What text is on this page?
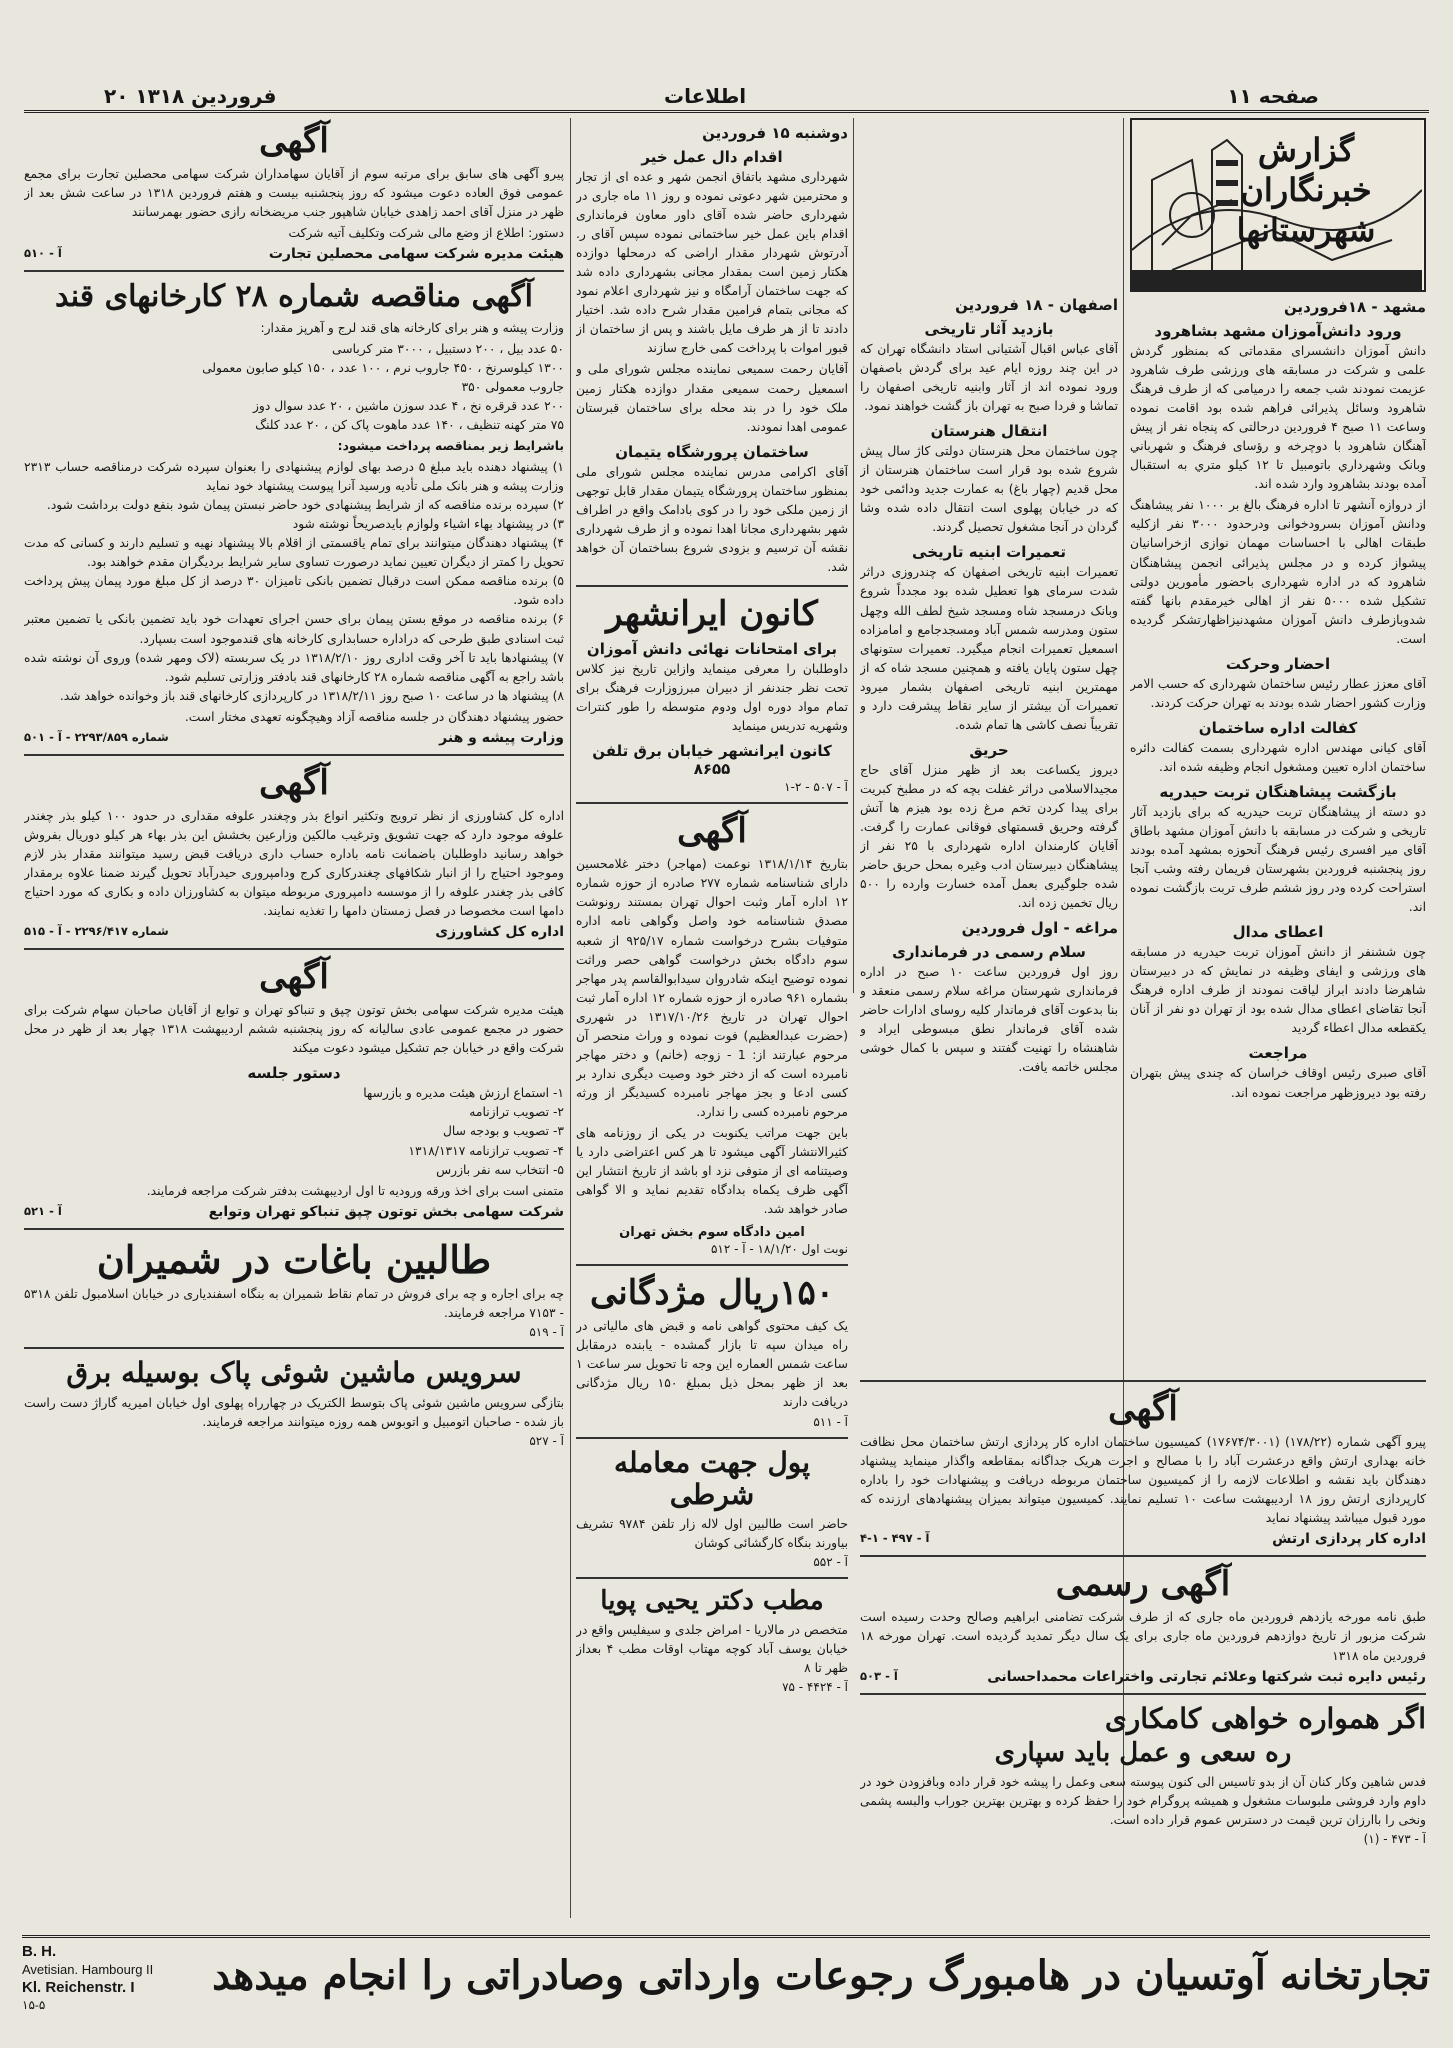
صفحه ۱۱
اطلاعات
۲۰ فروردین ۱۳۱۸
گزارش خبرنگاران شهرستانها
مشهد - ۱۸فروردین
ورود دانش‌آموزان مشهد بشاهرود

دانش آموزان دانشسرای مقدماتی که بمنظور گردش علمی و شرکت در مسابقه های ورزشی طرف شاهرود عزیمت نمودند شب جمعه را درمیامی که از طرف فرهنگ شاهرود وسائل پذیرائی فراهم شده بود اقامت نموده وساعت ۱۱ صبح ۴ فروردین درحالتی که پنجاه نفر از پیش آهنگان شاهرود با دوچرخه و رؤسای فرهنگ و شهرباني وبانک وشهرداري باتومبيل تا ۱۲ کيلو متري به استقبال آمده بودند بشاهرود وارد شده اند.

از دروازه آنشهر تا اداره فرهنگ بالغ بر ۱۰۰۰ نفر پیشاهنگ ودانش آموزان بسرودخوانی ودرحدود ۳۰۰۰ نفر ازکلیه طبقات اهالی با احساسات مهمان نوازی ازخراسانیان پیشواز کرده و در مجلس پذیرائی انجمن پیشاهنگان شاهرود که در اداره شهرداری باحضور مأمورین دولتی تشکیل شده ۵۰۰۰ نفر از اهالی خیرمقدم بانها گفته شدوبازطرف دانش آموزان مشهدنیزاظهارتشکر گردیده است.

احضار وحرکت

آقای معزز عطار رئیس ساختمان شهرداری که حسب الامر وزارت کشور احضار شده بودند به تهران حرکت کردند.

کفالت اداره ساختمان

آقای کیانی مهندس اداره شهرداری بسمت کفالت دائره ساختمان اداره تعیین ومشغول انجام وظیفه شده اند.

بازگشت پیشاهنگان تربت حیدریه

دو دسته از پیشاهنگان تربت حیدریه که برای بازدید آثار تاریخی و شرکت در مسابقه با دانش آموزان مشهد باطاق آقای میر افسری رئیس فرهنگ آنحوزه بمشهد آمده بودند روز پنجشنبه فروردین بشهرستان فریمان رفته وشب آنجا استراحت کرده ودر روز ششم طرف تربت بازگشت نموده اند.

اعطای مدال

چون ششنفر از دانش آموزان تربت حیدریه در مسابقه های ورزشی و ایفای وظیفه در نمایش که در دبیرستان شاهرضا دادند ابراز لیاقت نمودند از طرف اداره فرهنگ آنجا تقاضای اعطای مدال شده بود از تهران دو نفر از آنان یکقطعه مدال اعطاء گردید

مراجعت

آقای صبری رئیس اوقاف خراسان که چندی پیش بتهران رفته بود دیروزظهر مراجعت نموده اند.

اصفهان - ۱۸ فروردین
بازدید آثار تاریخی

آقای عباس اقبال آشتیانی استاد دانشگاه تهران که در این چند روزه ایام عید برای گردش باصفهان ورود نموده اند از آثار وابنیه تاریخی اصفهان را تماشا و فردا صبح به تهران باز گشت خواهند نمود.

انتقال هنرستان

چون ساختمان محل هنرستان دولتی کاژ سال پیش شروع شده بود قرار است ساختمان هنرستان از محل قدیم (چهار باغ) به عمارت جدید ودائمی خود که در خیابان پهلوی است انتقال داده شده وشا گردان در آنجا مشغول تحصیل گردند.

تعمیرات ابنیه تاریخی

تعمیرات ابنیه تاریخی اصفهان که چندروزی دراثر شدت سرمای هوا تعطیل شده بود مجدداً شروع وبانک درمسجد شاه ومسجد شیخ لطف الله وچهل ستون ومدرسه شمس آباد ومسجدجامع و امامزاده اسمعیل تعمیرات انجام میگیرد. تعمیرات ستونهای چهل ستون پایان یافته و همچنین مسجد شاه که از مهمترین ابنیه تاریخی اصفهان بشمار میرود تعمیرات آن بیشتر از سایر نقاط پیشرفت دارد و تقریباً نصف کاشی ها تمام شده.

حریق

دیروز یکساعت بعد از ظهر منزل آقای حاج مجیدالاسلامی دراثر غفلت بچه که در مطبخ کبریت برای پیدا کردن تخم مرغ زده بود هیزم ها آتش گرفته وحریق قسمتهای فوقانی عمارت را گرفت. آقایان کارمندان اداره شهرداری با ۲۵ نفر از پیشاهنگان دبیرستان ادب وغیره بمحل حریق حاضر شده جلوگیری بعمل آمده خسارت وارده را ۵۰۰ ریال تخمین زده اند.

مراغه - اول فروردین
سلام رسمی در فرمانداری

روز اول فروردین ساعت ۱۰ صبح در اداره فرمانداری شهرستان مراغه سلام رسمی منعقد و بنا بدعوت آقای فرماندار کلیه روسای ادارات حاضر شده آقای فرماندار نطق مبسوطی ایراد و شاهنشاه را تهنیت گفتند و سپس با کمال خوشی مجلس خاتمه یافت.

آگهی

پیرو آگهی شماره (۱۷۸/۲۲) (۱۷۶۷۴/۳۰۰۱) کمیسیون ساختمان اداره کار پردازی ارتش ساختمان محل نظافت خانه بهداری ارتش واقع درعشرت آباد را با مصالح و اجرت هریک جداگانه بمقاطعه واگذار مینماید پیشنهاد دهندگان باید نقشه و اطلاعات لازمه را از کمیسیون ساختمان مربوطه دریافت و پیشنهادات خود را باداره کارپردازی ارتش روز ۱۸ اردیبهشت ساعت ۱۰ تسلیم نمایند. کمیسیون میتواند بمیزان پیشنهادهای ارزنده که مورد قبول میباشد پیشنهاد نماید

اداره کار پردازی ارتش
آ - ۴۹۷ - ۱-۴
آگهی رسمی

طبق نامه مورخه یازدهم فروردین ماه جاری که از طرف شرکت تضامنی ابراهیم وصالح وحدت رسیده است شرکت مزبور از تاریخ دوازدهم فروردین ماه جاری برای یک سال دیگر تمدید گردیده است. تهران مورخه ۱۸ فروردین ماه ۱۳۱۸

رئیس دایره ثبت شرکتها وعلائم تجارتی واختراعات محمداحسانی
آ - ۵۰۳
اگر همواره خواهی کامکاری
ره سعی و عمل باید سپاری

فدس شاهین وکار کنان آن از بدو تاسیس الی کنون پیوسته سعی وعمل را پیشه خود قرار داده وبافزودن خود در داوم وارد فروشی ملبوسات مشغول و همیشه پروگرام خود را حفظ کرده و بهترین بهترین جوراب والبسه پشمی ونخی را باارزان ترین قیمت در دسترس عموم قرار داده است.

آ - ۴۷۳ - (۱)
دوشنبه ۱۵ فروردین
اقدام دال عمل خیر

شهرداری مشهد باتفاق انجمن شهر و عده ای از تجار و محترمین شهر دعوتی نموده و روز ۱۱ ماه جاری در شهرداری حاضر شده آقای داور معاون فرمانداری اقدام باین عمل خیر ساختمانی نموده سپس آقای ر. آدرتوش شهردار مقدار اراضی که درمحلها دوازده هکتار زمین است بمقدار مجانی بشهرداری داده شد که جهت ساختمان آرامگاه و نیز شهرداری اعلام نمود که مجانی بتمام فرامین مقدار شرح داده شد. اختیار دادند تا از هر طرف مایل باشند و پس از ساختمان از قبور اموات با پرداخت کمی خارج سازند

آقایان رحمت سمیعی نماینده مجلس شورای ملی و اسمعیل رحمت سمیعی مقدار دوازده هکتار زمین ملک خود را در بند محله برای ساختمان قبرستان عمومی اهدا نمودند.

ساختمان پرورشگاه یتیمان

آقای اکرامی مدرس نماینده مجلس شورای ملی بمنظور ساختمان پرورشگاه یتیمان مقدار قابل توجهی از زمین ملکی خود را در کوی بادامک واقع در اطراف شهر بشهرداری مجانا اهدا نموده و از طرف شهرداری نقشه آن ترسیم و بزودی شروع بساختمان آن خواهد شد.

کانون ایرانشهر
برای امتحانات نهائی دانش آموزان

داوطلبان را معرفی مینماید وازاین تاریخ نیز کلاس تحت نظر جندنفر از دبیران مبرزوزارت فرهنگ برای تمام مواد دوره اول ودوم متوسطه را طور کنترات وشهریه تدریس مینماید

کانون ایرانشهر خیابان برق تلفن ۸۶۵۵
آ - ۵۰۷ - ۲-۱
آگهی

بتاریخ ۱۳۱۸/۱/۱۴ نوعمت (مهاجر) دختر غلامحسین دارای شناسنامه شماره ۲۷۷ صادره از حوزه شماره ۱۲ اداره آمار وثبت احوال تهران بمستند رونوشت مصدق شناسنامه خود واصل وگواهی نامه اداره متوفیات بشرح درخواست شماره ۹۲۵/۱۷ از شعبه سوم دادگاه بخش درخواست گواهی حصر وراثت نموده توضیح اینکه شادروان سیدابوالقاسم پدر مهاجر بشماره ۹۶۱ صادره از حوزه شماره ۱۲ اداره آمار ثبت احوال تهران در تاریخ ۱۳۱۷/۱۰/۲۶ در شهرری (حضرت عبدالعظیم) فوت نموده و وراث منحصر آن مرحوم عبارتند از: 1 - زوجه (خانم) و دختر مهاجر نامبرده است که از دختر خود وصیت دیگری ندارد بر کسی ادعا و بجز مهاجر نامبرده کسیدیگر از ورثه مرحوم نامبرده کسی را ندارد.

باین جهت مراتب یکنوبت در یکی از روزنامه های کثیرالانتشار آگهی میشود تا هر کس اعتراضی دارد یا وصیتنامه ای از متوفی نزد او باشد از تاریخ انتشار این آگهی ظرف یکماه بدادگاه تقدیم نماید و الا گواهی صادر خواهد شد.

امین دادگاه سوم بخش تهران
نوبت اول ۱۸/۱/۲۰ - آ - ۵۱۲
۱۵۰ریال مژدگانی

یک کیف محتوی گواهی نامه و قبض های مالیاتی در راه میدان سپه تا بازار گمشده - یابنده درمقابل ساعت شمس العماره این وجه تا تحویل سر ساعت ۱ بعد از ظهر بمحل ذیل بمبلغ ۱۵۰ ریال مژدگانی دریافت دارند

آ - ۵۱۱
پول جهت معامله شرطی

حاضر است طالبین اول لاله زار تلفن ۹۷۸۴ تشریف بیاورند بنگاه کارگشائی کوشان

آ - ۵۵۲
مطب دکتر یحیی پویا

متخصص در مالاریا - امراض جلدی و سیفلیس واقع در خیابان یوسف آباد کوچه مهتاب اوقات مطب ۴ بعداز ظهر تا ۸

آ - ۴۴۲۴ - ۷۵
آگهی

پیرو آگهی های سابق برای مرتبه سوم از آقایان سهامداران شرکت سهامی محصلین تجارت برای مجمع عمومی فوق العاده دعوت میشود که روز پنجشنبه بیست و هفتم فروردین ۱۳۱۸ در ساعت شش بعد از ظهر در منزل آقای احمد زاهدی خیابان شاهپور جنب مریضخانه رازی حضور بهمرسانند

دستور: اطلاع از وضع مالی شرکت وتکلیف آتیه شرکت

هیئت مدیره شرکت سهامی محصلین تجارت
آ - ۵۱۰
آگهی مناقصه شماره ۲۸ کارخانهای قند

وزارت پیشه و هنر برای کارخانه های قند لرج و آهرپز مقدار:

۵۰ عدد بیل ، ۲۰۰ دستبیل ، ۳۰۰۰ متر کرباسی

۱۳۰۰ کیلوسرنخ ، ۴۵۰ جاروب نرم ، ۱۰۰ عدد ، ۱۵۰ کیلو صابون معمولی

جاروب معمولی ۳۵۰

۲۰۰ عدد قرقره نخ ، ۴ عدد سوزن ماشین ، ۲۰ عدد سوال دوز

۷۵ متر کهنه تنظیف ، ۱۴۰ عدد ماهوت پاک کن ، ۲۰ عدد کلنگ

باشرایط زیر بمناقصه پرداخت میشود:

۱) پیشنهاد دهنده باید مبلغ ۵ درصد بهای لوازم پیشنهادی را بعنوان سپرده شرکت درمناقصه حساب ۲۳۱۳ وزارت پیشه و هنر بانک ملی تأدیه ورسید آنرا پیوست پیشنهاد خود نماید

۲) سپرده برنده مناقصه که از شرایط پیشنهادی خود حاضر نبستن پیمان شود بنفع دولت برداشت شود.

۳) در پیشنهاد بهاء اشیاء ولوازم بایدصریحاً نوشته شود

۴) پیشنهاد دهندگان میتوانند برای تمام یاقسمتی از اقلام بالا پیشنهاد نهیه و تسلیم دارند و کسانی که مدت تحویل را کمتر از دیگران تعیین نماید درصورت تساوی سایر شرایط بردیگران مقدم خواهند بود.

۵) برنده مناقصه ممکن است درقبال تضمین بانکی تامیزان ۳۰ درصد از کل مبلغ مورد پیمان پیش پرداخت داده شود.

۶) برنده مناقصه در موقع بستن پیمان برای حسن اجرای تعهدات خود باید تضمین بانکی یا تضمین معتبر ثبت اسنادی طبق طرحی که دراداره حسابداری کارخانه های قندموجود است بسپارد.

۷) پیشنهادها باید تا آخر وقت اداری روز ۱۳۱۸/۲/۱۰ در یک سربسته (لاک ومهر شده) وروی آن نوشته شده باشد راجع به آگهی مناقصه شماره ۲۸ کارخانهای قند بادفتر وزارتی تسلیم شود.

۸) پیشنهاد ها در ساعت ۱۰ صبح روز ۱۳۱۸/۲/۱۱ در کارپردازی کارخانهای قند باز وخوانده خواهد شد.

حضور پیشنهاد دهندگان در جلسه مناقصه آزاد وهیچگونه تعهدی مختار است.

وزارت پیشه و هنر
شماره ۲۲۹۳/۸۵۹ - آ - ۵۰۱
آگهی

اداره کل کشاورزی از نظر ترویج وتکثیر انواع بذر وچغندر علوفه مقداری در حدود ۱۰۰ کیلو بذر چغندر علوفه موجود دارد که جهت تشویق وترغیب مالکین وزارعین بخشش این بذر بهاء هر کیلو دوریال بفروش خواهد رسانید داوطلبان باضمانت نامه باداره حساب داری دریافت قبض رسید میتوانند مقدار بذر لازم وموجود احتیاج را از انبار شکافهای چغندرکاری کرج ودامپروری حیدرآباد تحویل گیرند ضمنا علاوه برمقدار کافی بذر چغندر علوفه را از موسسه دامپروری مربوطه میتوان به کشاورزان داده و بکاری که مورد احتیاج دامها است مخصوصا در فصل زمستان دامها را تغذیه نمایند.

اداره کل کشاورزی
شماره ۲۲۹۶/۴۱۷ - آ - ۵۱۵
آگهی

هیئت مدیره شرکت سهامی بخش توتون چپق و تنباکو تهران و توابع از آقایان صاحبان سهام شرکت برای حضور در مجمع عمومی عادی سالیانه که روز پنجشنبه ششم اردیبهشت ۱۳۱۸ چهار بعد از ظهر در محل شرکت واقع در خیابان جم تشکیل میشود دعوت میکند

دستور جلسه

۱- استماع ارزش هیئت مدیره و بازرسها

۲- تصویب ترازنامه

۳- تصویب و بودجه سال

۴- تصویب ترازنامه ۱۳۱۸/۱۳۱۷

۵- انتخاب سه نفر بازرس

متمنی است برای اخذ ورقه ورودیه تا اول اردیبهشت بدفتر شرکت مراجعه فرمایند.

شرکت سهامی بخش توتون چپق تنباکو تهران وتوابع
آ - ۵۲۱
طالبین باغات در شمیران

چه برای اجاره و چه برای فروش در تمام نقاط شمیران به بنگاه اسفندیاری در خیابان اسلامبول تلفن ۵۳۱۸ - ۷۱۵۳ مراجعه فرمایند.

آ - ۵۱۹
سرویس ماشین شوئی پاک بوسیله برق

بتازگی سرویس ماشین شوئی پاک بتوسط الکتریک در چهارراه پهلوی اول خیابان امیریه گاراژ دست راست باز شده - صاحبان اتومبیل و اتوبوس همه روزه میتوانند مراجعه فرمایند.

آ - ۵۲۷
تجارتخانه آوتسیان در هامبورگ رجوعات وارداتی وصادراتی را انجام میدهد
B. H.
Avetisian. Hambourg II
Kl. Reichenstr. I
۱۵-۵
